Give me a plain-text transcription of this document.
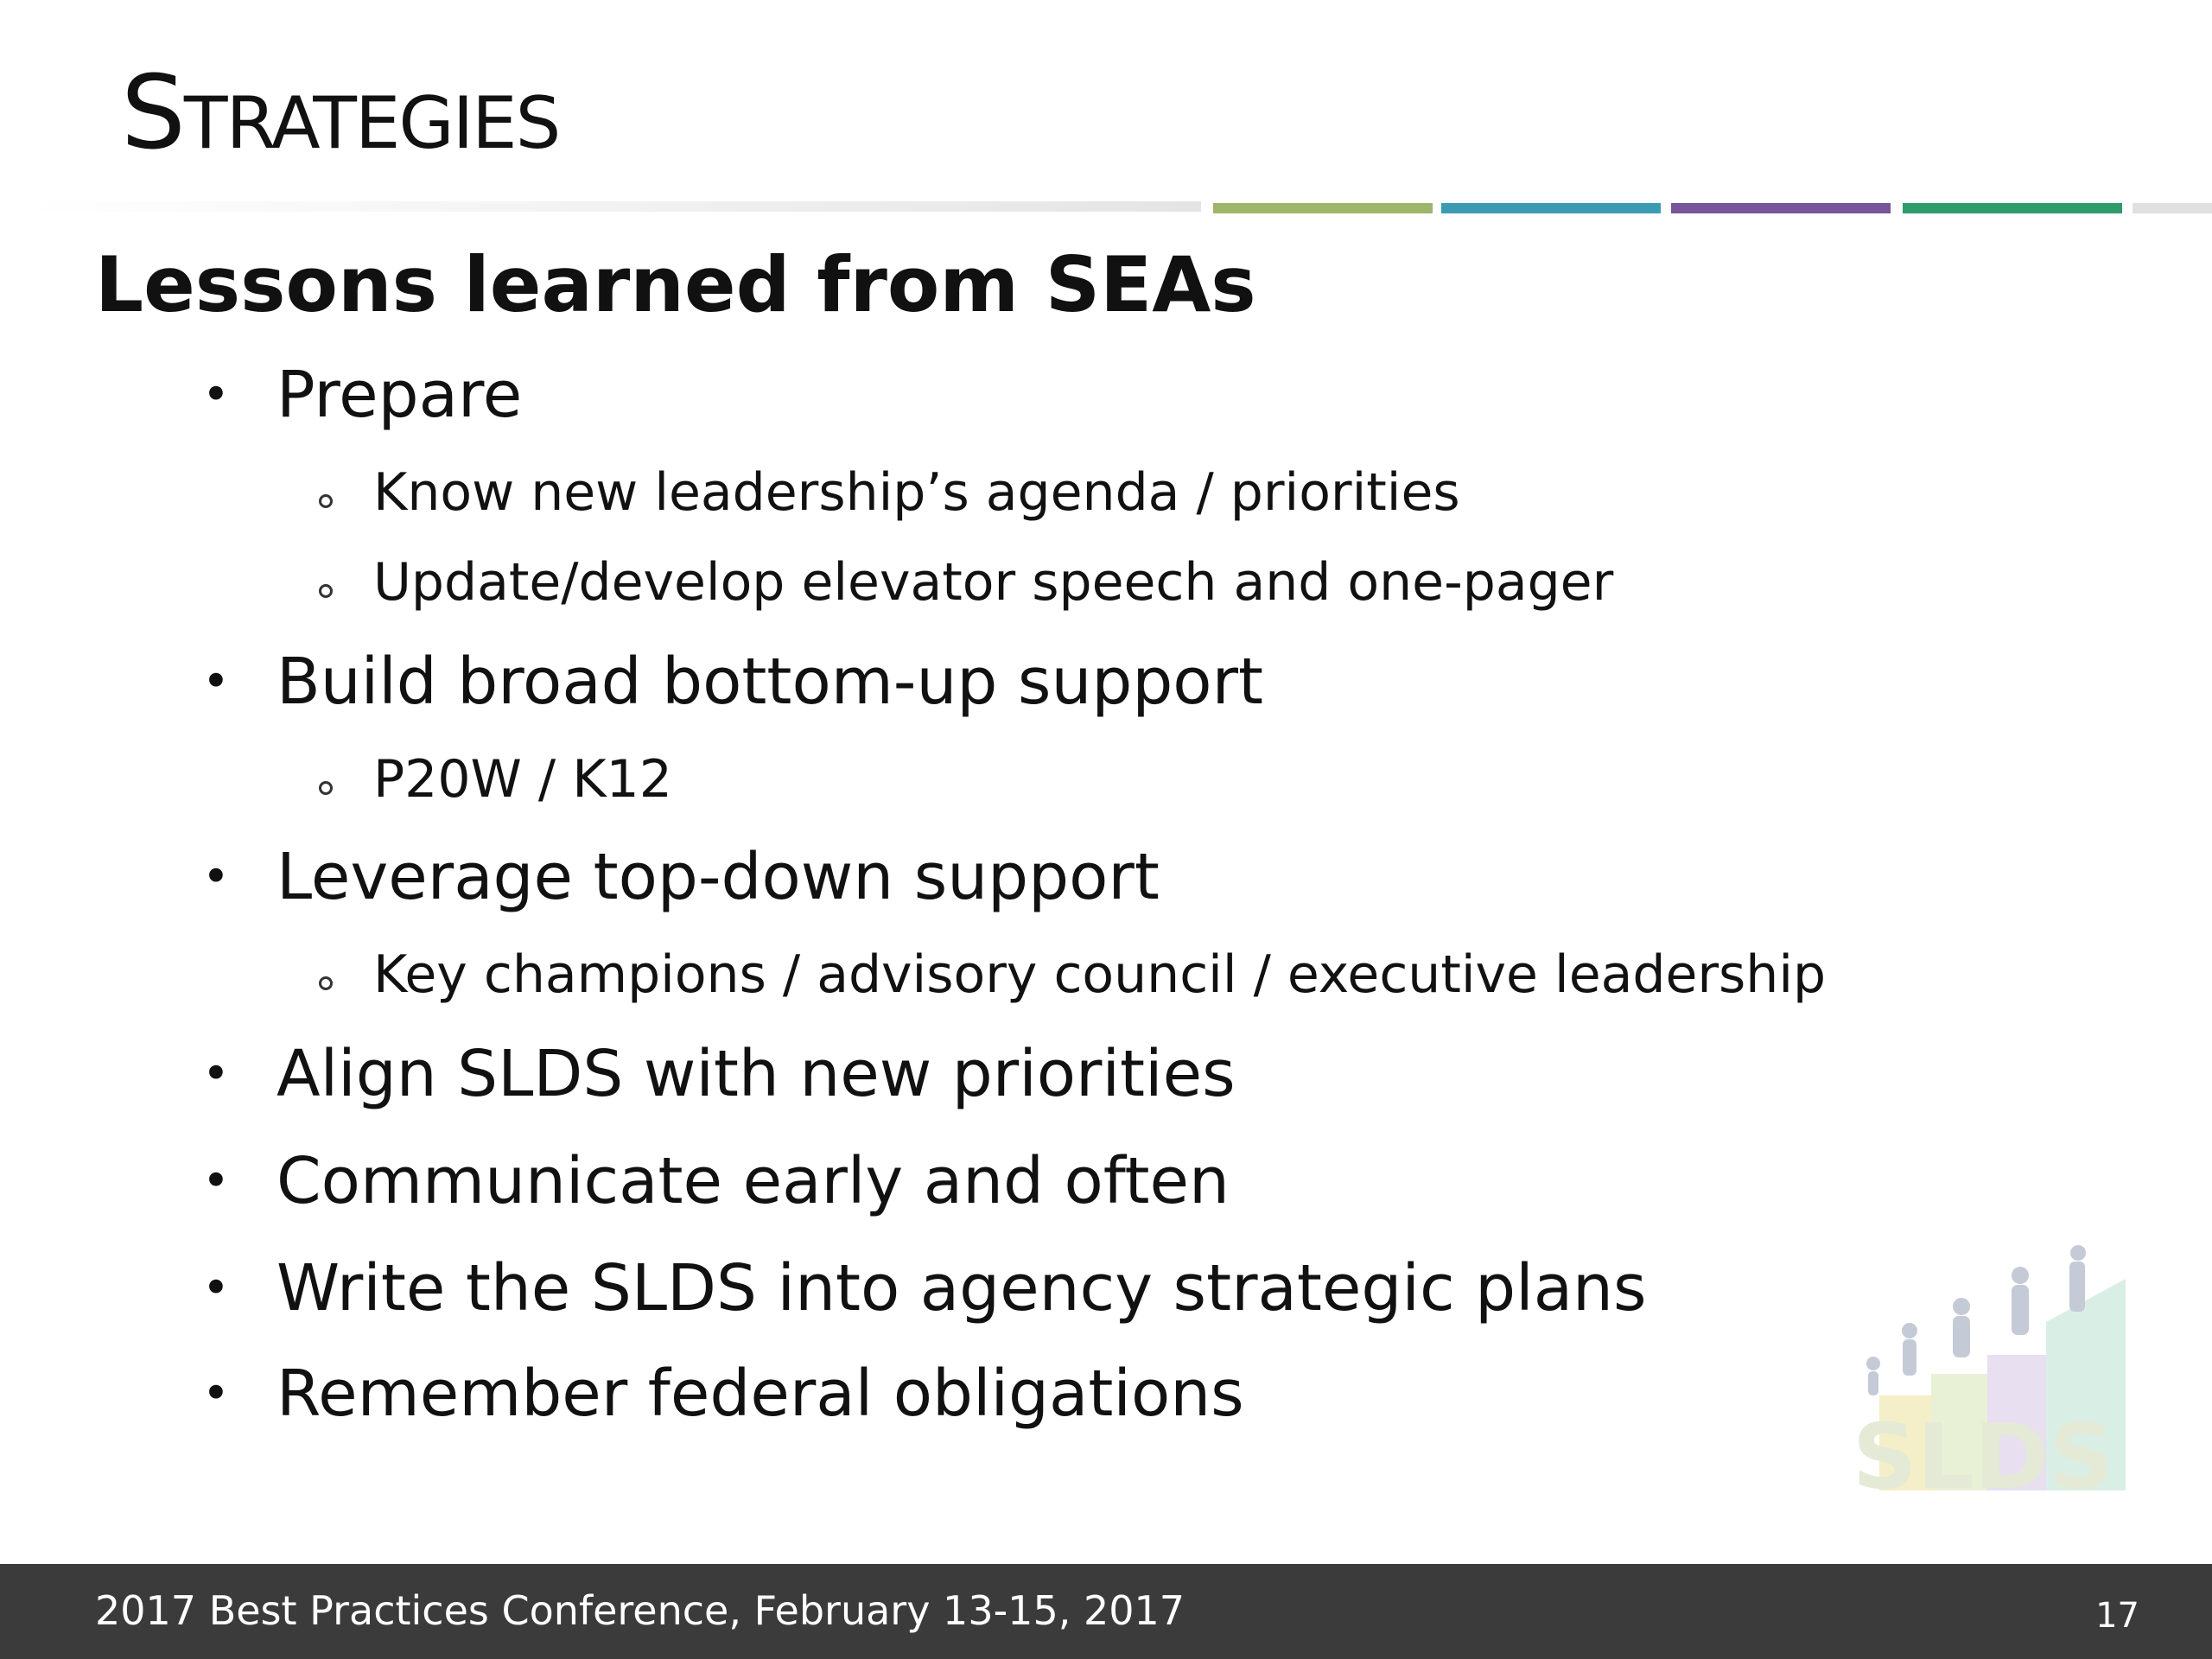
Strategies
Lessons learned from SEAs
• Prepare
Know new leadership’s agenda / priorities
Update/develop elevator speech and one-pager
• Build broad bottom-up support
P20W / K12
• Leverage top-down support
Key champions / advisory council / executive leadership
• Align SLDS with new priorities
• Communicate early and often
• Write the SLDS into agency strategic plans
• Remember federal obligations
SLDS
2017 Best Practices Conference, February 13-15, 2017	17
